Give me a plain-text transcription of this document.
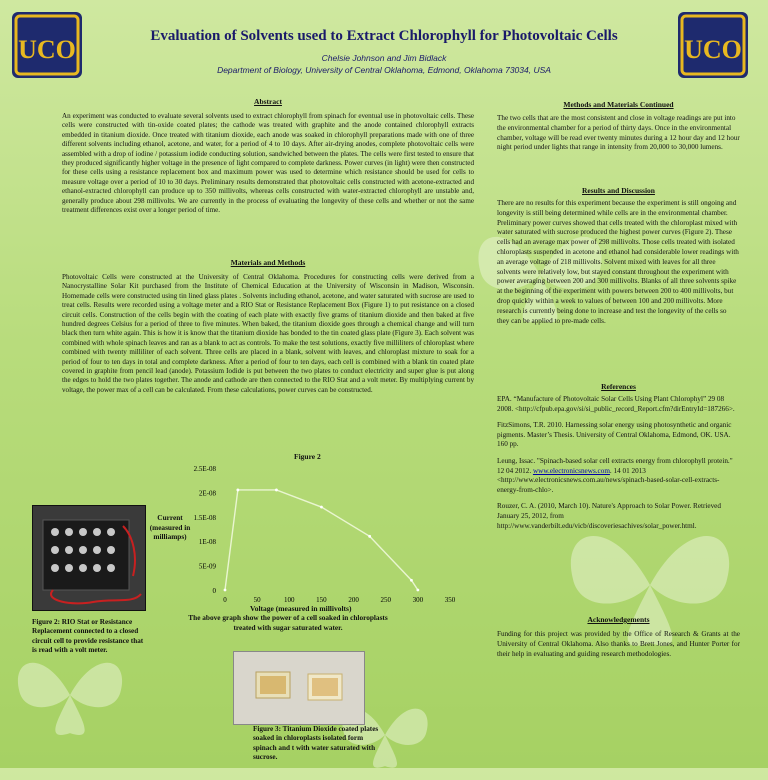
UCO	UCO
Evaluation of Solvents used to Extract Chlorophyll for Photovoltaic Cells
Chelsie Johnson and Jim Bidlack
Department of Biology, University of Central Oklahoma, Edmond, Oklahoma 73034, USA
Abstract

An experiment was conducted to evaluate several solvents used to extract chlorophyll from spinach for eventual use in photovoltaic cells. These cells were constructed with tin-oxide coated plates; the cathode was treated with graphite and the anode contained chlorophyll extracts embedded in titanium dioxide. Once treated with titanium dioxide, each anode was soaked in chlorophyll preparations made with one of three different solvents including ethanol, acetone, and water, for a period of 4 to 10 days. After air-drying anodes, complete photovoltaic cells were assembled with a drop of iodine / potassium iodide conducting solution, sandwiched between the plates. The cells were first tested to ensure that they produced significantly higher voltage in the presence of light compared to complete darkness. Power curves (in light) were then constructed for these cells using a resistance replacement box and maximum power was used to determine which resistance should be used for cells to measure voltage over a period of 10 to 30 days. Preliminary results demonstrated that photovoltaic cells constructed with acetone-extracted and ethanol-extracted chlorophyll can produce up to 350 millivolts, whereas cells constructed with water-extracted chlorophyll are unstable and, generally produce about 298 millivolts. We are currently in the process of evaluating the longevity of these cells and whether or not the same treatment differences exist over a longer period of time.

Materials and Methods

Photovoltaic Cells were constructed at the University of Central Oklahoma. Procedures for constructing cells were derived from a Nanocrystalline Solar Kit purchased from the Institute of Chemical Education at the University of Wisconsin in Madison, Wisconsin. Homemade cells were constructed using tin lined glass plates . Solvents including ethanol, acetone, and water saturated with sucrose are used to treat cells. Results were recorded using a voltage meter and a RIO Stat or Resistance Replacement Box (Figure 1) to put resistance on a closed circuit cells. Construction of the cells begin with the coating of each plate with exactly five grams of titanium dioxide and then baked at five hundred degrees Celsius for a period of three to five minutes. When baked, the titanium dioxide goes through a chemical change and will turn black then turn white again. This is how it is know that the titanium dioxide has bonded to the tin coated glass plate (Figure 3). Each solvent was combined with whole spinach leaves and ran as a blank to act as controls. To make the test solutions, exactly five milliliters of chloroplast where combined with twenty milliliter of each solvent. Three cells are placed in a blank, solvent with leaves, and chloroplast mixture to soak for a period of four to ten days in total and complete darkness. After a period of four to ten days, each cell is combined with a blank tin coated plate covered in graphite from pencil lead (anode). Potassium Iodide is put between the two plates to conduct electricity and super glue is put along the edges to hold the two plates together. The anode and cathode are then connected to the RIO Stat and a volt meter. By multiplying current by voltage, the power max of a cell can be calculated. From these calculations, power curves can be constructed.

Methods and Materials Continued

The two cells that are the most consistent and close in voltage readings are put into the environmental chamber for a period of thirty days. Once in the environmental chamber, voltage will be read ever twenty minutes during a 12 hour day and 12 hour night period under lights that range in intensity from 20,000 to 30,000 lumens.

Results and Discussion

There are no results for this experiment because the experiment is still ongoing and longevity is still being determined while cells are in the environmental chamber. Preliminary power curves showed that cells treated with the chloroplast mixed with water saturated with sucrose produced the highest power curves (Figure 2). These cells had an average max power of 298 millivolts. Those cells treated with isolated chloroplasts suspended in acetone and ethanol had considerable lower readings with an average voltage of 218 millivolts. Solvent mixed with leaves for all three solvents were relatively low, but stayed constant throughout the experiment with power averaging between 200 and 300 millivolts. Blanks of all three solvents spike at the beginning of the experiment with powers between 200 to 400 millivolts, but drop quickly within a week to values of between 100 and 200 millivolts. More research is currently being done to increase and test the longevity of the cells so they can be applied to pre-made cells.

References

EPA. “Manufacture of Photovoltaic Solar Cells Using Plant Chlorophyl” 29 08 2008. <http://cfpub.epa.gov/si/si_public_record_Report.cfm?dirEntryId=187266>.

FitzSimons, T.R. 2010. Harnessing solar energy using photosynthetic and organic pigments. Master’s Thesis. University of Central Oklahoma, Edmond, OK. USA. 160 pp.

Leung, Issac. "Spinach-based solar cell extracts energy from chlorophyll protein." 12 04 2012. www.electronicsnews.com. 14 01 2013 <http://www.electronicsnews.com.au/news/spinach-based-solar-cell-extracts-energy-from-chlo>.

Rouzer, C. A. (2010, March 10). Nature's Approach to Solar Power. Retrieved January 25, 2012, from http://www.vanderbilt.edu/vicb/discoveriesachives/solar_power.html.

Acknowledgements

Funding for this project was provided by the Office of Research & Grants at the University of Central Oklahoma. Also thanks to Brett Jones, and Hunter Porter for their help in evaluating and guiding research methodologies.

Figure 2: RIO Stat or Resistance Replacement connected to a closed circuit cell to provide resistance that is read with a volt meter.
Figure 2
Current (measured in milliamps)
0
5E-09
1E-08
1.5E-08
2E-08
2.5E-08
0	50	100	150	200	250	300	350
Voltage (measured in millivolts)
The above graph show the power of a cell soaked in chloroplasts treated with sugar saturated water.
Figure 3: Titanium Dioxide coated plates soaked in chloroplasts isolated form spinach and t with water saturated with sucrose.
